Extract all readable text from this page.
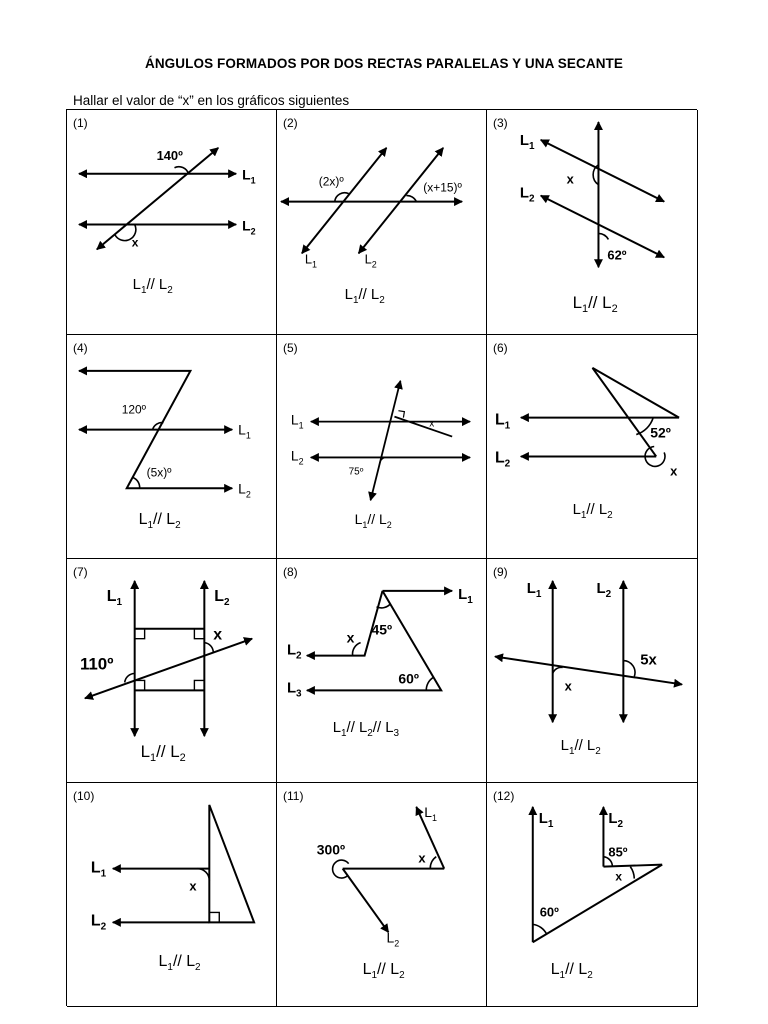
ÁNGULOS FORMADOS POR DOS RECTAS PARALELAS Y UNA SECANTE
Hallar el valor de “x” en los gráficos siguientes
(1)
140º
x
$L_1$
$L_2$
$L_1//$ $L_2$
(2)
(2x)º	(x+15)º
$L_1$	$L_2$
$L_1//$ $L_2$
(3)
$L_1$
$L_2$
x
62º
$L_1//$ $L_2$
(4)
120º
(5x)º
$L_1$
$L_2$
$L_1//$ $L_2$
(5)
$L_1$
$L_2$
x
75º
$L_1//$ $L_2$
(6)
$L_1$
$L_2$
52º
x
$L_1//$ $L_2$
(7)
$L_1$	$L_2$
110º
x
$L_1//$ $L_2$
(8)
x 45º
60º
$L_1$
$L_2$
$L_3$
$L_1//$ $L_2//$ $L_3$
(9)
$L_1$	$L_2$
5x
x
$L_1//$ $L_2$
(10)
$L_1$
$L_2$
x
$L_1//$ $L_2$
(11)
300º
x
$L_1$
$L_2$
$L_1//$ $L_2$
(12)
$L_1$	$L_2$
85º
x
60º
$L_1//$ $L_2$
